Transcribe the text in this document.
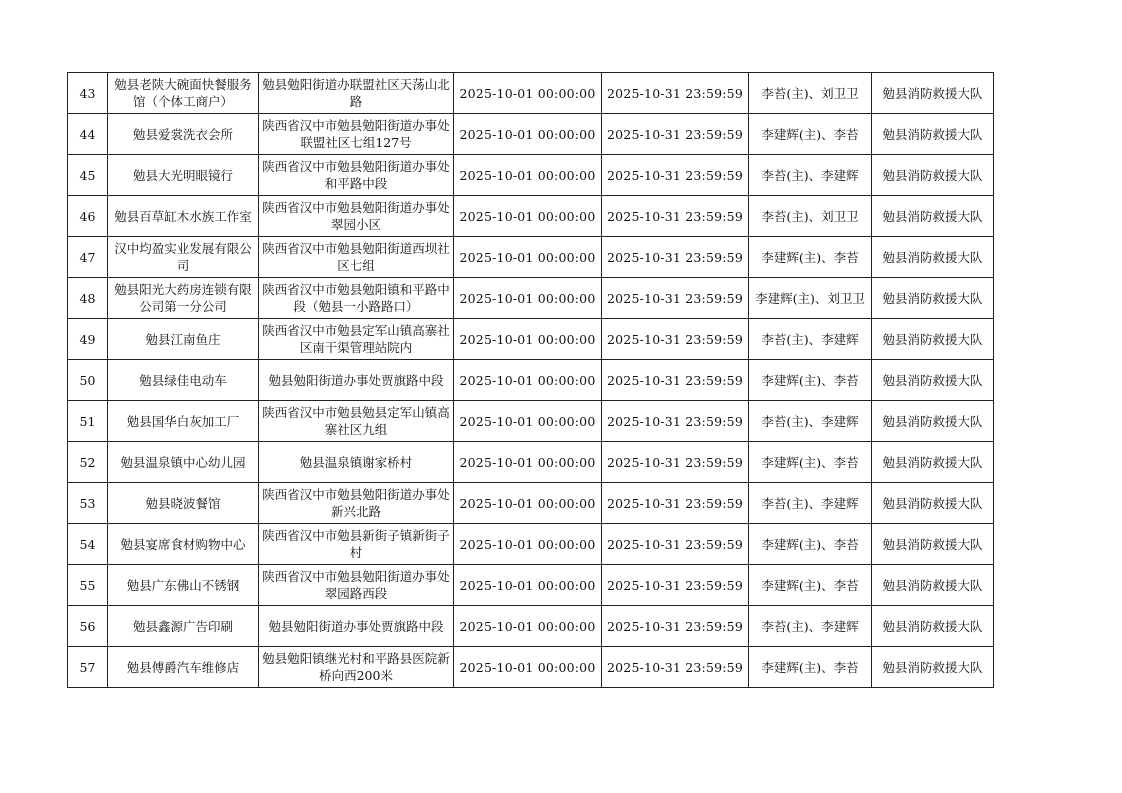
43	勉县老陕大碗面快餐服务馆（个体工商户）	勉县勉阳街道办联盟社区天荡山北路	2025-10-01 00:00:00	2025-10-31 23:59:59	李苔(主)、刘卫卫	勉县消防救援大队
44	勉县爱裳洗衣会所	陕西省汉中市勉县勉阳街道办事处联盟社区七组127号	2025-10-01 00:00:00	2025-10-31 23:59:59	李建辉(主)、李苔	勉县消防救援大队
45	勉县大光明眼镜行	陕西省汉中市勉县勉阳街道办事处和平路中段	2025-10-01 00:00:00	2025-10-31 23:59:59	李苔(主)、李建辉	勉县消防救援大队
46	勉县百草缸木水族工作室	陕西省汉中市勉县勉阳街道办事处翠园小区	2025-10-01 00:00:00	2025-10-31 23:59:59	李苔(主)、刘卫卫	勉县消防救援大队
47	汉中均盈实业发展有限公司	陕西省汉中市勉县勉阳街道西坝社区七组	2025-10-01 00:00:00	2025-10-31 23:59:59	李建辉(主)、李苔	勉县消防救援大队
48	勉县阳光大药房连锁有限公司第一分公司	陕西省汉中市勉县勉阳镇和平路中段（勉县一小路路口）	2025-10-01 00:00:00	2025-10-31 23:59:59	李建辉(主)、刘卫卫	勉县消防救援大队
49	勉县江南鱼庄	陕西省汉中市勉县定军山镇高寨社区南干渠管理站院内	2025-10-01 00:00:00	2025-10-31 23:59:59	李苔(主)、李建辉	勉县消防救援大队
50	勉县绿佳电动车	勉县勉阳街道办事处贾旗路中段	2025-10-01 00:00:00	2025-10-31 23:59:59	李建辉(主)、李苔	勉县消防救援大队
51	勉县国华白灰加工厂	陕西省汉中市勉县勉县定军山镇高寨社区九组	2025-10-01 00:00:00	2025-10-31 23:59:59	李苔(主)、李建辉	勉县消防救援大队
52	勉县温泉镇中心幼儿园	勉县温泉镇谢家桥村	2025-10-01 00:00:00	2025-10-31 23:59:59	李建辉(主)、李苔	勉县消防救援大队
53	勉县晓波餐馆	陕西省汉中市勉县勉阳街道办事处新兴北路	2025-10-01 00:00:00	2025-10-31 23:59:59	李苔(主)、李建辉	勉县消防救援大队
54	勉县宴席食材购物中心	陕西省汉中市勉县新街子镇新街子村	2025-10-01 00:00:00	2025-10-31 23:59:59	李建辉(主)、李苔	勉县消防救援大队
55	勉县广东佛山不锈钢	陕西省汉中市勉县勉阳街道办事处翠园路西段	2025-10-01 00:00:00	2025-10-31 23:59:59	李建辉(主)、李苔	勉县消防救援大队
56	勉县鑫源广告印刷	勉县勉阳街道办事处贾旗路中段	2025-10-01 00:00:00	2025-10-31 23:59:59	李苔(主)、李建辉	勉县消防救援大队
57	勉县傅爵汽车维修店	勉县勉阳镇继光村和平路县医院新桥向西200米	2025-10-01 00:00:00	2025-10-31 23:59:59	李建辉(主)、李苔	勉县消防救援大队
